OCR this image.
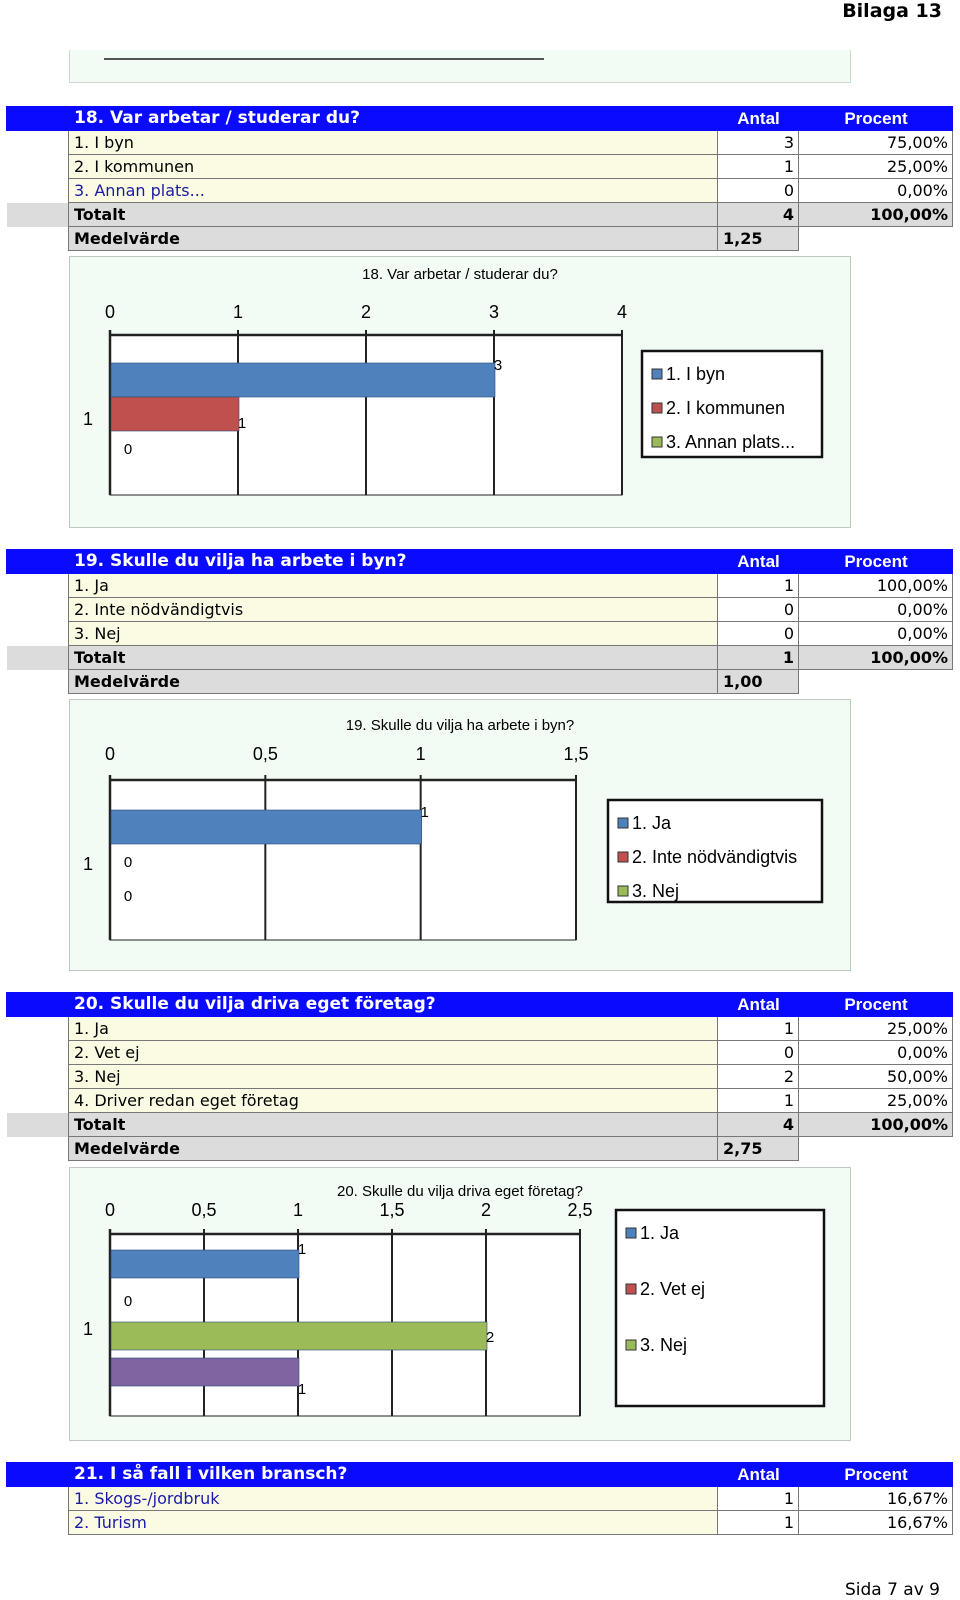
Bilaga 13
	18. Var arbetar / studerar du?	Antal	Procent
	1. I byn	3	75,00%
	2. I kommunen	1	25,00%
	3. Annan plats...	0	0,00%
	Totalt	4	100,00%
	Medelvärde	1,25	
	19. Skulle du vilja ha arbete i byn?	Antal	Procent
	1. Ja	1	100,00%
	2. Inte nödvändigtvis	0	0,00%
	3. Nej	0	0,00%
	Totalt	1	100,00%
	Medelvärde	1,00	
	20. Skulle du vilja driva eget företag?	Antal	Procent
	1. Ja	1	25,00%
	2. Vet ej	0	0,00%
	3. Nej	2	50,00%
	4. Driver redan eget företag	1	25,00%
	Totalt	4	100,00%
	Medelvärde	2,75	
	21. I så fall i vilken bransch?	Antal	Procent
	1. Skogs-/jordbruk	1	16,67%
	2. Turism	1	16,67%
18. Var arbetar / studerar du?
0	1	2	3	4
1
3
1
0
1. I byn
2. I kommunen
3. Annan plats...
19. Skulle du vilja ha arbete i byn?
0	0,5	1	1,5
1
1
0
0
1. Ja
2. Inte nödvändigtvis
3. Nej
20. Skulle du vilja driva eget företag?
0	0,5	1	1,5	2	2,5
1
1
0
2
1
1. Ja
2. Vet ej
3. Nej
Sida 7 av 9
